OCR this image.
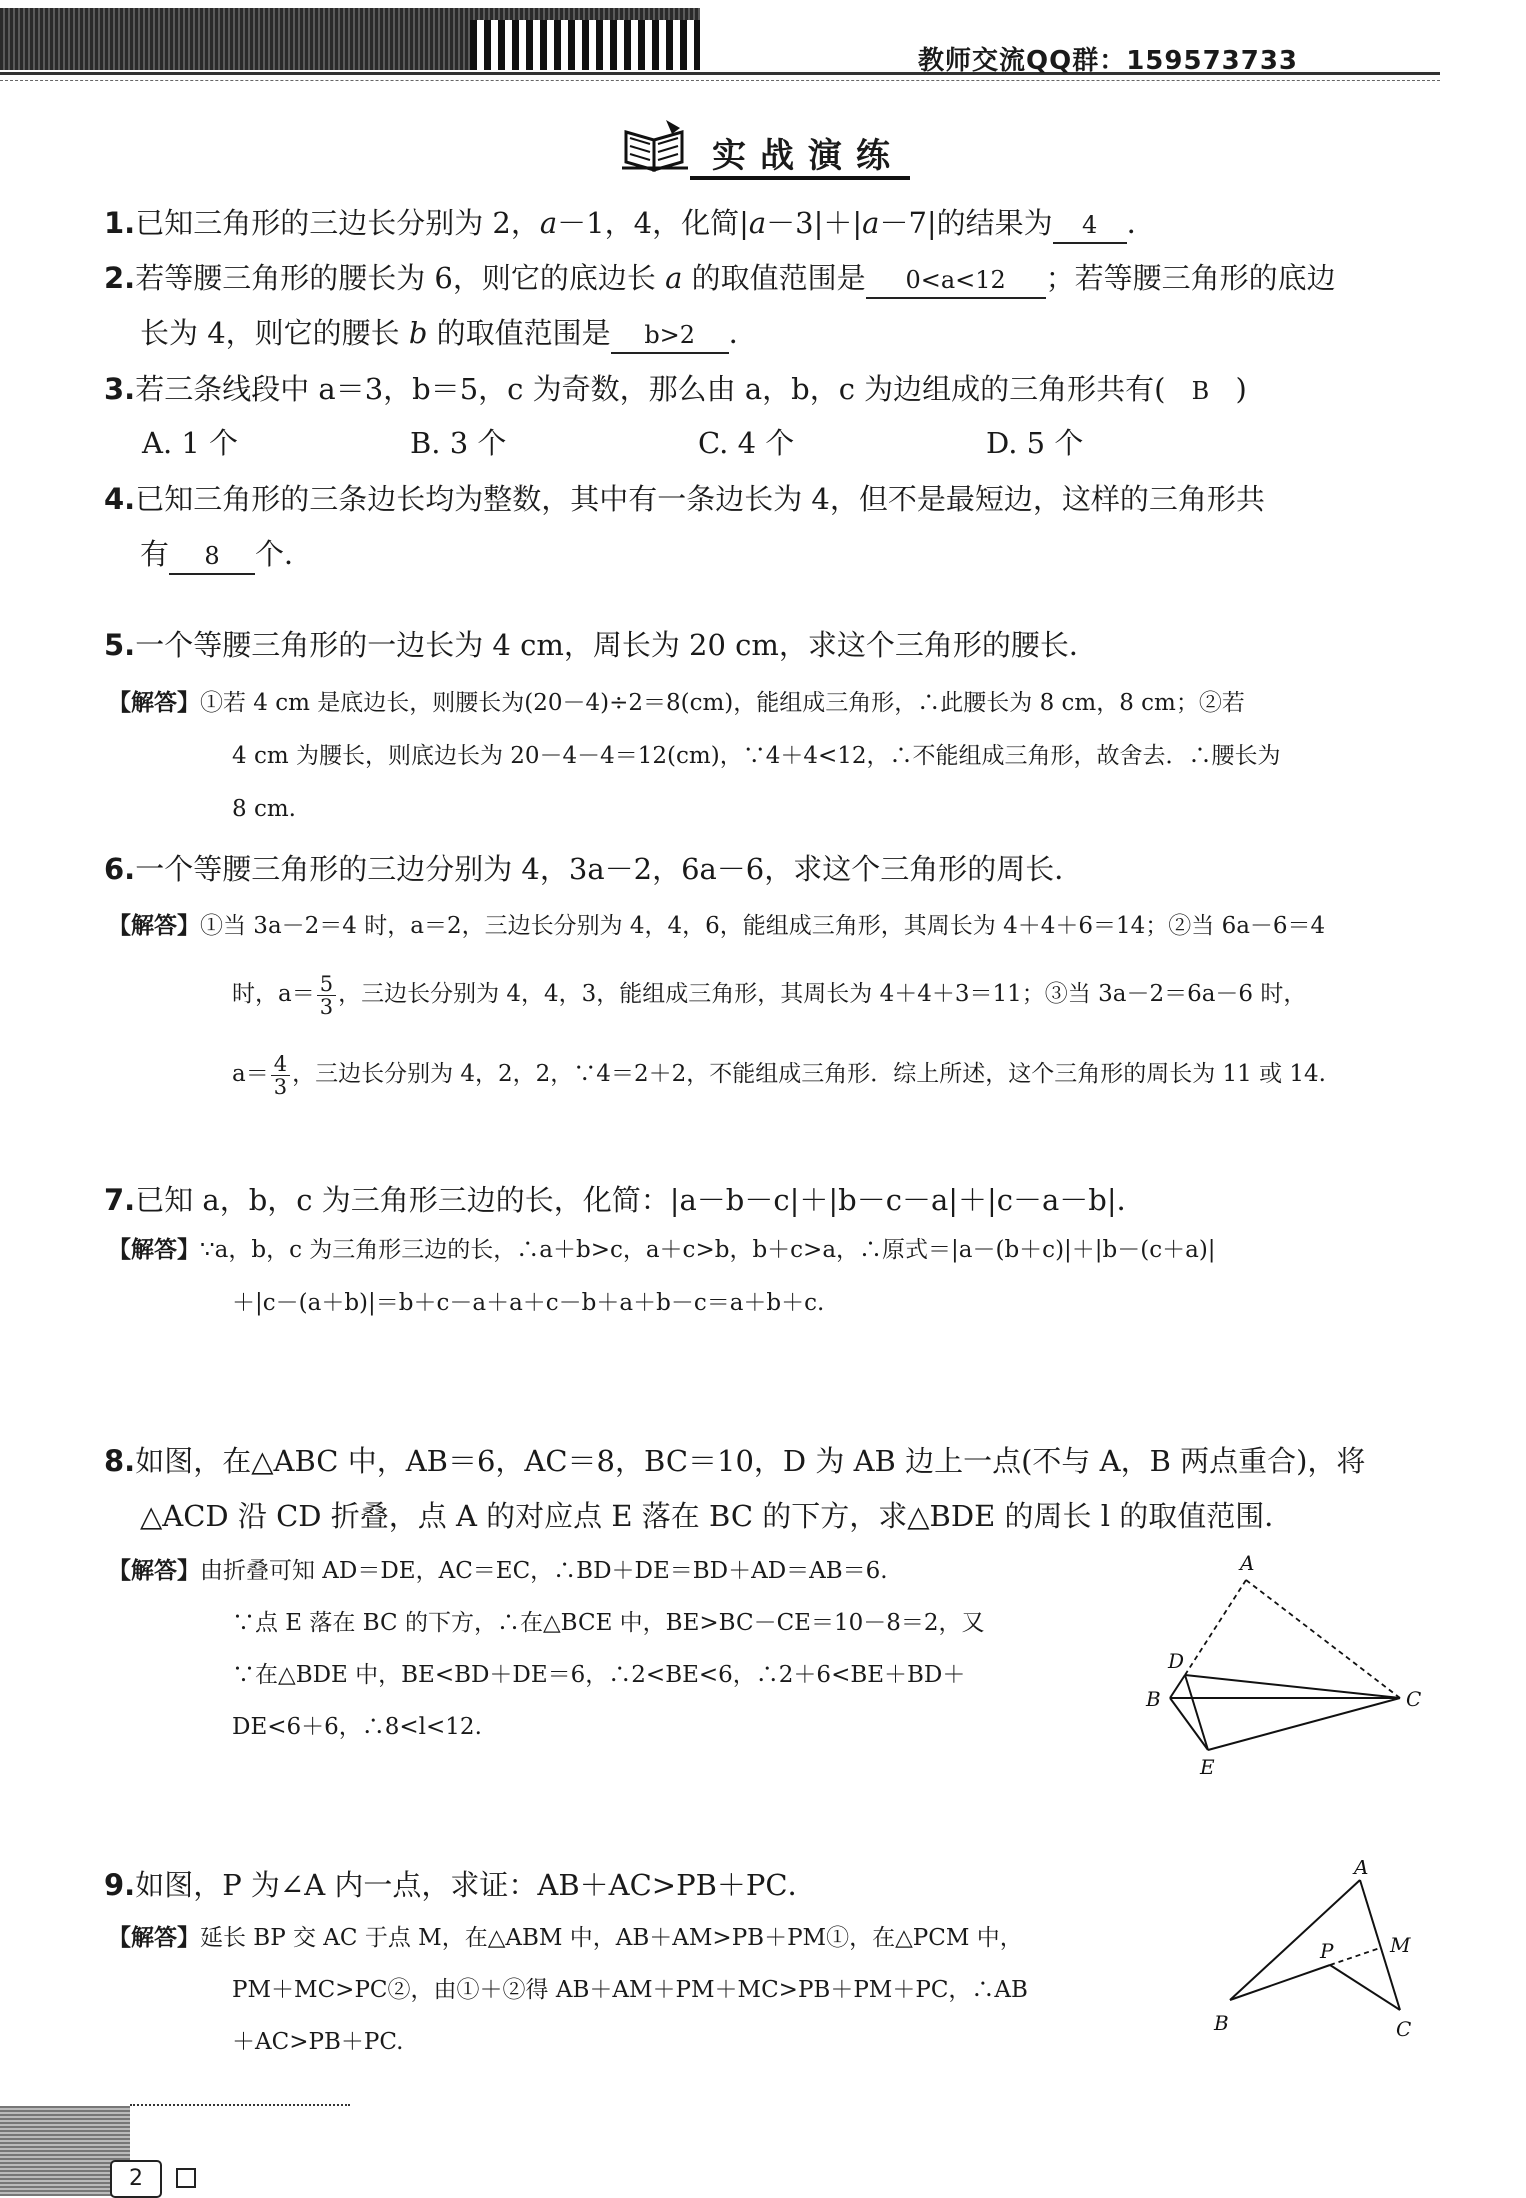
教师交流QQ群：159573733
实战演练
1.已知三角形的三边长分别为 2，a－1，4，化简|a－3|＋|a－7|的结果为 4 ．
2.若等腰三角形的腰长为 6，则它的底边长 a 的取值范围是 0<a<12 ；若等腰三角形的底边
长为 4，则它的腰长 b 的取值范围是 b>2 ．
3.若三条线段中 a＝3，b＝5，c 为奇数，那么由 a，b，c 为边组成的三角形共有( B )
A. 1 个	B. 3 个	C. 4 个	D. 5 个
4.已知三角形的三条边长均为整数，其中有一条边长为 4，但不是最短边，这样的三角形共
有 8 个．
5.一个等腰三角形的一边长为 4 cm，周长为 20 cm，求这个三角形的腰长．
【解答】①若 4 cm 是底边长，则腰长为(20－4)÷2＝8(cm)，能组成三角形，∴此腰长为 8 cm，8 cm；②若
4 cm 为腰长，则底边长为 20－4－4＝12(cm)，∵4＋4<12，∴不能组成三角形，故舍去．∴腰长为
8 cm.
6.一个等腰三角形的三边分别为 4，3a－2，6a－6，求这个三角形的周长．
【解答】①当 3a－2＝4 时，a＝2，三边长分别为 4，4，6，能组成三角形，其周长为 4＋4＋6＝14；②当 6a－6＝4
时，$a= \frac{5}{3}$ ，三边长分别为 4，4，3，能组成三角形，其周长为 4＋4＋3＝11；③当 3a－2＝6a－6 时，
$a= \frac{4}{3}$ ，三边长分别为 4，2，2，∵4＝2＋2，不能组成三角形．综上所述，这个三角形的周长为 11 或 14.
7.已知 a，b，c 为三角形三边的长，化简：|a－b－c|＋|b－c－a|＋|c－a－b|．
【解答】∵a，b，c 为三角形三边的长，∴a＋b>c，a＋c>b，b＋c>a，∴原式＝|a－(b＋c)|＋|b－(c＋a)|
＋|c－(a＋b)|＝b＋c－a＋a＋c－b＋a＋b－c＝a＋b＋c.
8.如图，在△ABC 中，AB＝6，AC＝8，BC＝10，D 为 AB 边上一点(不与 A，B 两点重合)，将
△ACD 沿 CD 折叠，点 A 的对应点 E 落在 BC 的下方，求△BDE 的周长 l 的取值范围．
【解答】由折叠可知 AD＝DE，AC＝EC，∴BD＋DE＝BD＋AD＝AB＝6.
∵点 E 落在 BC 的下方，∴在△BCE 中，BE>BC－CE＝10－8＝2，又
∵在△BDE 中，BE<BD＋DE＝6，∴2<BE<6，∴2＋6<BE＋BD＋
DE<6＋6，∴8<l<12.
A
D
B	C
E
9.如图，P 为∠A 内一点，求证：AB＋AC>PB＋PC．
【解答】延长 BP 交 AC 于点 M，在△ABM 中，AB＋AM>PB＋PM①，在△PCM 中，
PM＋MC>PC②，由①＋②得 AB＋AM＋PM＋MC>PB＋PM＋PC，∴AB
＋AC>PB＋PC.
A
P	M
B	C
2
